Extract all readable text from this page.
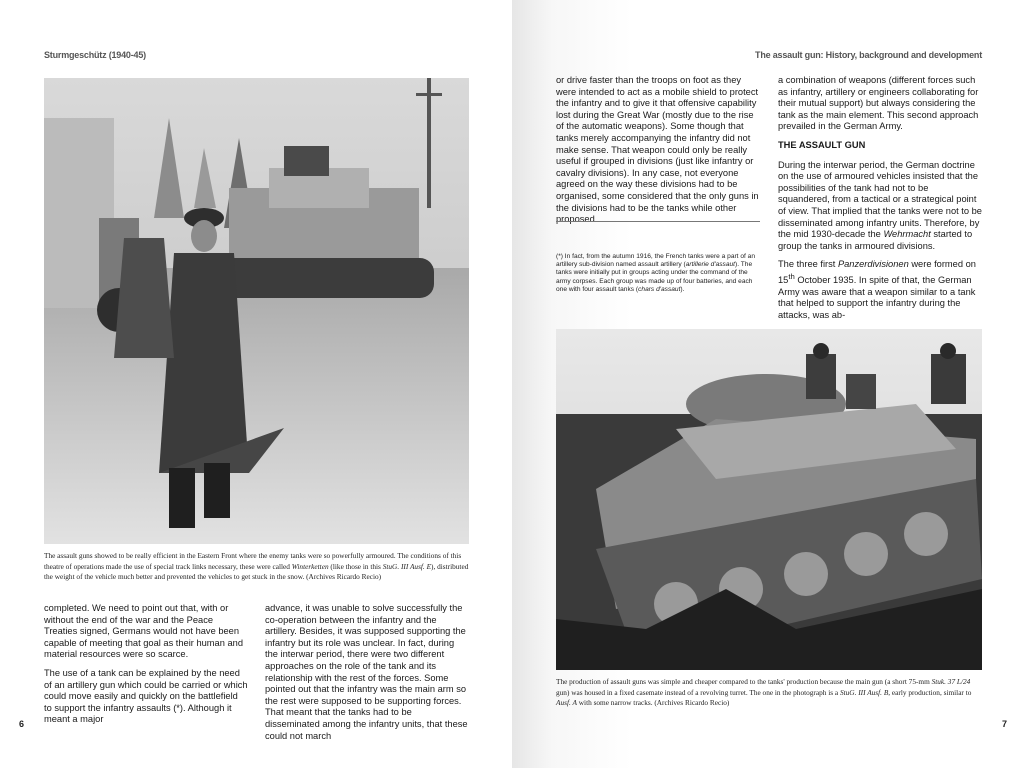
Sturmgeschütz (1940-45)

The assault guns showed to be really efficient in the Eastern Front where the enemy tanks were so powerfully armoured. The conditions of this theatre of operations made the use of special track links necessary, these were called Winterketten (like those in this StuG. III Ausf. E), distributed the weight of the vehicle much better and prevented the vehicles to get stuck in the snow. (Archives Ricardo Recio)

completed. We need to point out that, with or without the end of the war and the Peace Treaties signed, Germans would not have been capable of meeting that goal as their human and material resources were so scarce.

The use of a tank can be explained by the need of an artillery gun which could be carried or which could move easily and quickly on the battlefield to support the infantry assaults (*). Although it meant a major

advance, it was unable to solve successfully the co-operation between the infantry and the artillery. Besides, it was supposed supporting the infantry but its role was unclear. In fact, during the interwar period, there were two different approaches on the role of the tank and its relationship with the rest of the forces. Some pointed out that the infantry was the main arm so the rest were supposed to be supporting forces. That meant that the tanks had to be disseminated among the infantry units, that these could not march

6
The assault gun: History, background and development

or drive faster than the troops on foot as they were intended to act as a mobile shield to protect the infantry and to give it that offensive capability lost during the Great War (mostly due to the rise of the automatic weapons). Some though that tanks merely accompanying the infantry did not make sense. That weapon could only be really useful if grouped in divisions (just like infantry or cavalry divisions). In any case, not everyone agreed on the way these divisions had to be organised, some considered that the only guns in the divisions had to be the tanks while other proposed

(*) In fact, from the autumn 1916, the French tanks were a part of an artillery sub-division named assault artillery (artillerie d'assaut). The tanks were initially put in groups acting under the command of the army corpses. Each group was made up of four batteries, and each one with four assault tanks (chars d'assaut).

a combination of weapons (different forces such as infantry, artillery or engineers collaborating for their mutual support) but always considering the tank as the main element. This second approach prevailed in the German Army.

THE ASSAULT GUN

During the interwar period, the German doctrine on the use of armoured vehicles insisted that the possibilities of the tank had not to be squandered, from a tactical or a strategical point of view. That implied that the tanks were not to be disseminated among infantry units. Therefore, by the mid 1930-decade the Wehrmacht started to group the tanks in armoured divisions.

The three first Panzerdivisionen were formed on 15th October 1935. In spite of that, the German Army was aware that a weapon similar to a tank that helped to support the infantry during the attacks, was ab-

The production of assault guns was simple and cheaper compared to the tanks' production because the main gun (a short 75-mm Stuk. 37 L/24 gun) was housed in a fixed casemate instead of a revolving turret. The one in the photograph is a StuG. III Ausf. B, early production, similar to Ausf. A with some narrow tracks. (Archives Ricardo Recio)

7
